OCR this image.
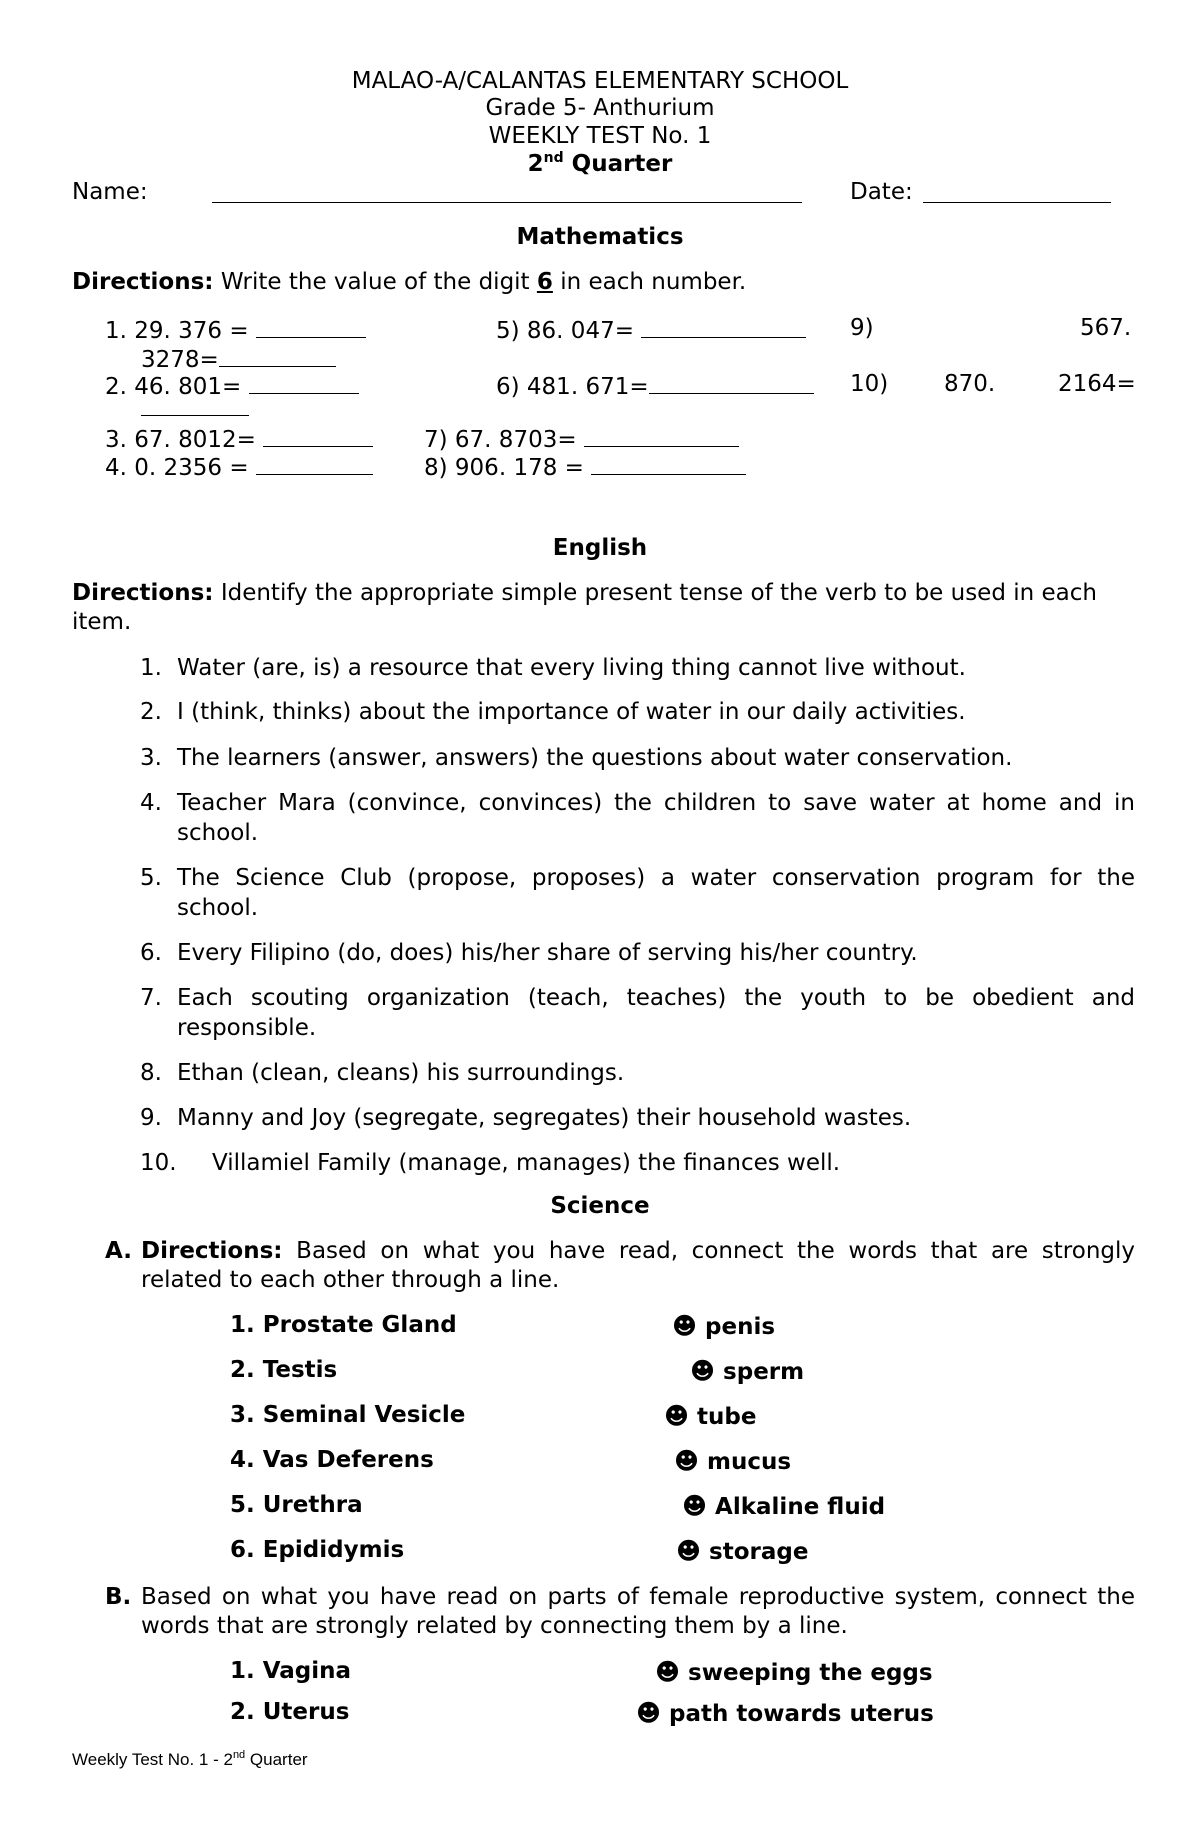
MALAO-A/CALANTAS ELEMENTARY SCHOOL
Grade 5- Anthurium
WEEKLY TEST No. 1
2nd Quarter
Name:	Date:
Mathematics
Directions: Write the value of the digit 6 in each number.
1. 29. 376 =	5) 86. 047=	9)	567.
3278=
2. 46. 801=	6) 481. 671=	10) 870.	2164=
3. 67. 8012=	7) 67. 8703=
4. 0. 2356 =	8) 906. 178 =
English
Directions: Identify the appropriate simple present tense of the verb to be used in each
item.
1. Water (are, is) a resource that every living thing cannot live without.
2. I (think, thinks) about the importance of water in our daily activities.
3. The learners (answer, answers) the questions about water conservation.
4. Teacher Mara (convince, convinces) the children to save water at home and in
school.
5. The Science Club (propose, proposes) a water conservation program for the
school.
6. Every Filipino (do, does) his/her share of serving his/her country.
7. Each scouting organization (teach, teaches) the youth to be obedient and
responsible.
8. Ethan (clean, cleans) his surroundings.
9. Manny and Joy (segregate, segregates) their household wastes.
10. Villamiel Family (manage, manages) the finances well.
Science
A. Directions: Based on what you have read, connect the words that are strongly
related to each other through a line.
1. Prostate Gland	☻ penis
2. Testis	☻ sperm
3. Seminal Vesicle	☻ tube
4. Vas Deferens	☻ mucus
5. Urethra	☻ Alkaline fluid
6. Epididymis	☻ storage
B. Based on what you have read on parts of female reproductive system, connect the
words that are strongly related by connecting them by a line.
1. Vagina	☻ sweeping the eggs
2. Uterus	☻ path towards uterus
Weekly Test No. 1 - 2nd Quarter
